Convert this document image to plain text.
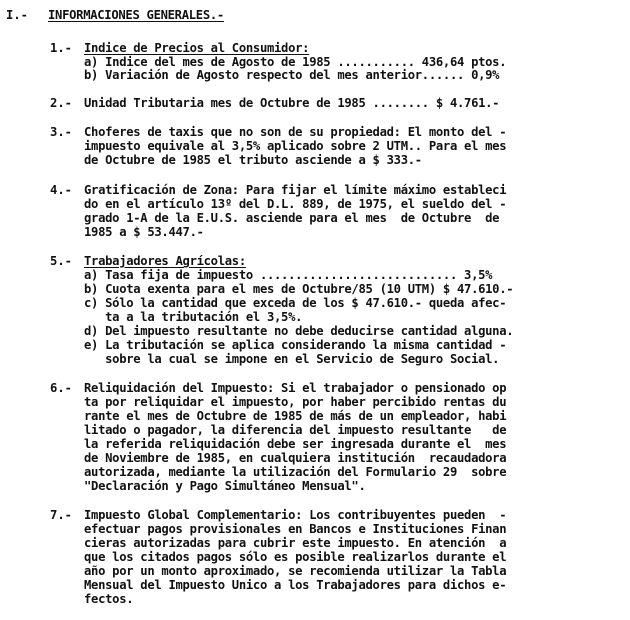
I.- INFORMACIONES GENERALES.-
1.- Indice de Precios al Consumidor:
a) Indice del mes de Agosto de 1985 ........... 436,64 ptos.
b) Variación de Agosto respecto del mes anterior...... 0,9%
2.- Unidad Tributaria mes de Octubre de 1985 ........ $ 4.761.-
3.- Choferes de taxis que no son de su propiedad: El monto del -
impuesto equivale al 3,5% aplicado sobre 2 UTM.. Para el mes
de Octubre de 1985 el tributo asciende a $ 333.-
4.- Gratificación de Zona: Para fijar el límite máximo estableci
do en el artículo 13º del D.L. 889, de 1975, el sueldo del -
grado 1-A de la E.U.S. asciende para el mes  de Octubre  de
1985 a $ 53.447.-
5.- Trabajadores Agrícolas:
a) Tasa fija de impuesto ............................ 3,5%
b) Cuota exenta para el mes de Octubre/85 (10 UTM) $ 47.610.-
c) Sólo la cantidad que exceda de los $ 47.610.- queda afec-
ta a la tributación el 3,5%.
d) Del impuesto resultante no debe deducirse cantidad alguna.
e) La tributación se aplica considerando la misma cantidad -
sobre la cual se impone en el Servicio de Seguro Social.
6.- Reliquidación del Impuesto: Si el trabajador o pensionado op
ta por reliquidar el impuesto, por haber percibido rentas du
rante el mes de Octubre de 1985 de más de un empleador, habi
litado o pagador, la diferencia del impuesto resultante   de
la referida reliquidación debe ser ingresada durante el  mes
de Noviembre de 1985, en cualquiera institución  recaudadora
autorizada, mediante la utilización del Formulario 29  sobre
"Declaración y Pago Simultáneo Mensual".
7.- Impuesto Global Complementario: Los contribuyentes pueden  -
efectuar pagos provisionales en Bancos e Instituciones Finan
cieras autorizadas para cubrir este impuesto. En atención  a
que los citados pagos sólo es posible realizarlos durante el
año por un monto aproximado, se recomienda utilizar la Tabla
Mensual del Impuesto Unico a los Trabajadores para dichos e-
fectos.
